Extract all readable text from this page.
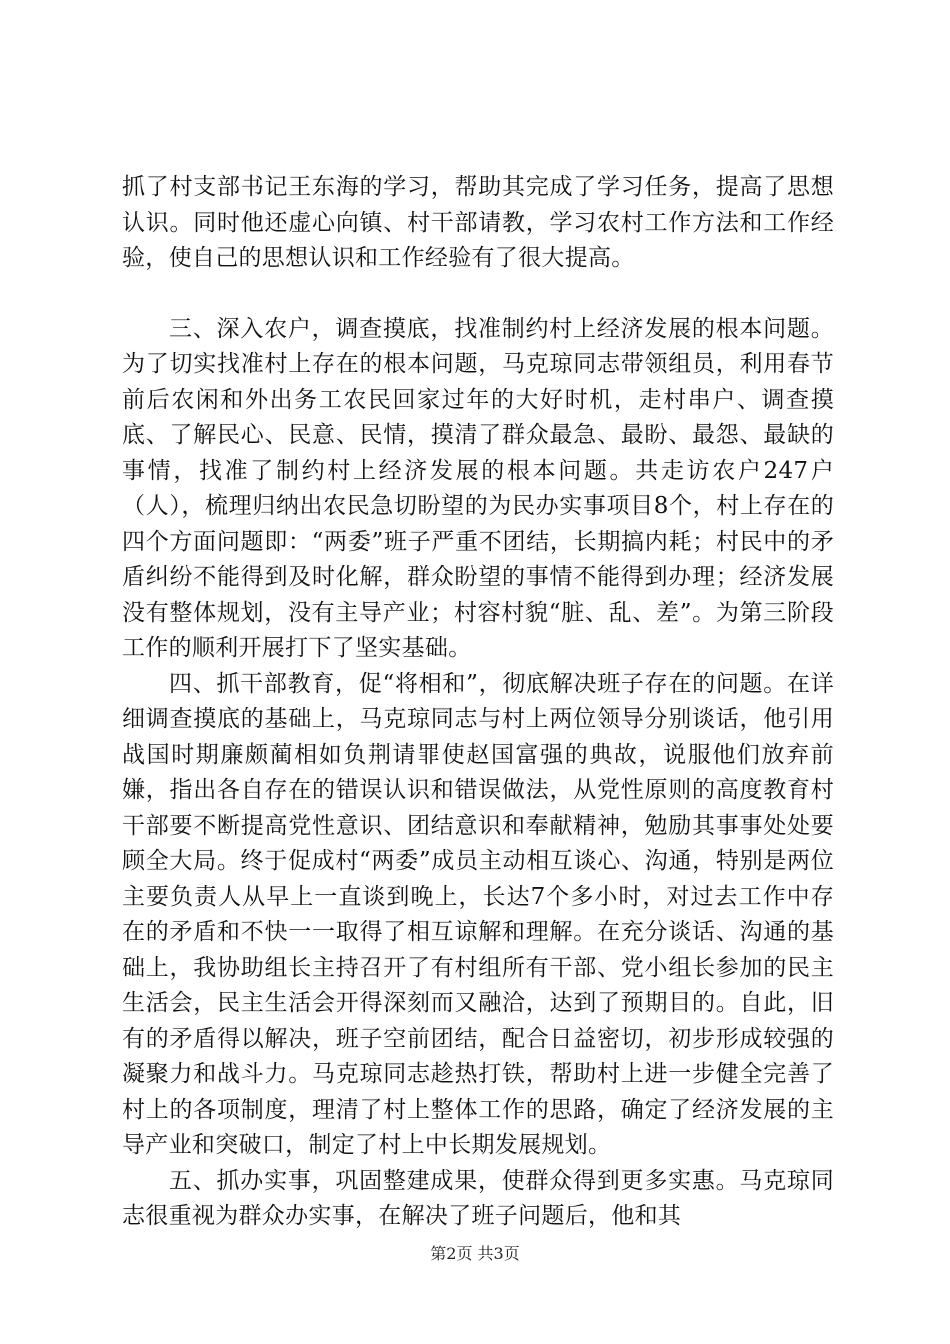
抓了村支部书记王东海的学习，帮助其完成了学习任务，提高了思想认识。同时他还虚心向镇、村干部请教，学习农村工作方法和工作经验，使自己的思想认识和工作经验有了很大提高。

三、深入农户，调查摸底，找准制约村上经济发展的根本问题。为了切实找准村上存在的根本问题，马克琼同志带领组员，利用春节前后农闲和外出务工农民回家过年的大好时机，走村串户、调查摸底、了解民心、民意、民情，摸清了群众最急、最盼、最怨、最缺的事情，找准了制约村上经济发展的根本问题。共走访农户247户（人），梳理归纳出农民急切盼望的为民办实事项目8个，村上存在的四个方面问题即：“两委”班子严重不团结，长期搞内耗；村民中的矛盾纠纷不能得到及时化解，群众盼望的事情不能得到办理；经济发展没有整体规划，没有主导产业；村容村貌“脏、乱、差”。为第三阶段工作的顺利开展打下了坚实基础。

四、抓干部教育，促“将相和”，彻底解决班子存在的问题。在详细调查摸底的基础上，马克琼同志与村上两位领导分别谈话，他引用战国时期廉颇蔺相如负荆请罪使赵国富强的典故，说服他们放弃前嫌，指出各自存在的错误认识和错误做法，从党性原则的高度教育村干部要不断提高党性意识、团结意识和奉献精神，勉励其事事处处要顾全大局。终于促成村“两委”成员主动相互谈心、沟通，特别是两位主要负责人从早上一直谈到晚上，长达7个多小时，对过去工作中存在的矛盾和不快一一取得了相互谅解和理解。在充分谈话、沟通的基础上，我协助组长主持召开了有村组所有干部、党小组长参加的民主生活会，民主生活会开得深刻而又融洽，达到了预期目的。自此，旧有的矛盾得以解决，班子空前团结，配合日益密切，初步形成较强的凝聚力和战斗力。马克琼同志趁热打铁，帮助村上进一步健全完善了村上的各项制度，理清了村上整体工作的思路，确定了经济发展的主导产业和突破口，制定了村上中长期发展规划。

五、抓办实事，巩固整建成果，使群众得到更多实惠。马克琼同志很重视为群众办实事，在解决了班子问题后，他和其

第2页 共3页
